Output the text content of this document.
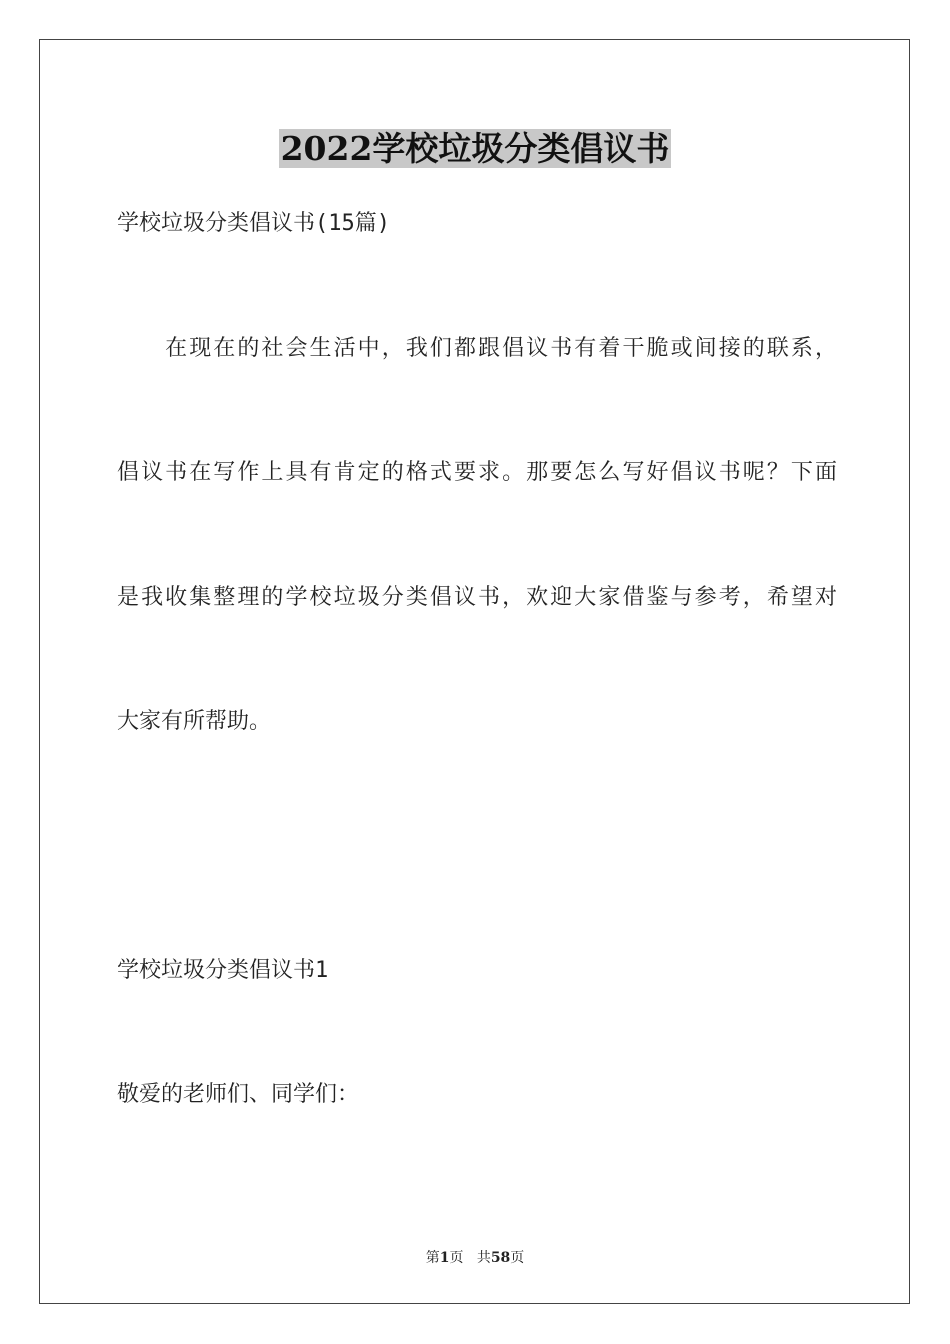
2022学校垃圾分类倡议书
学校垃圾分类倡议书(15篇)
　　在现在的社会生活中，我们都跟倡议书有着干脆或间接的联系，
倡议书在写作上具有肯定的格式要求。那要怎么写好倡议书呢？下面
是我收集整理的学校垃圾分类倡议书，欢迎大家借鉴与参考，希望对
大家有所帮助。
学校垃圾分类倡议书1
敬爱的老师们、同学们：
第1页 共58页
